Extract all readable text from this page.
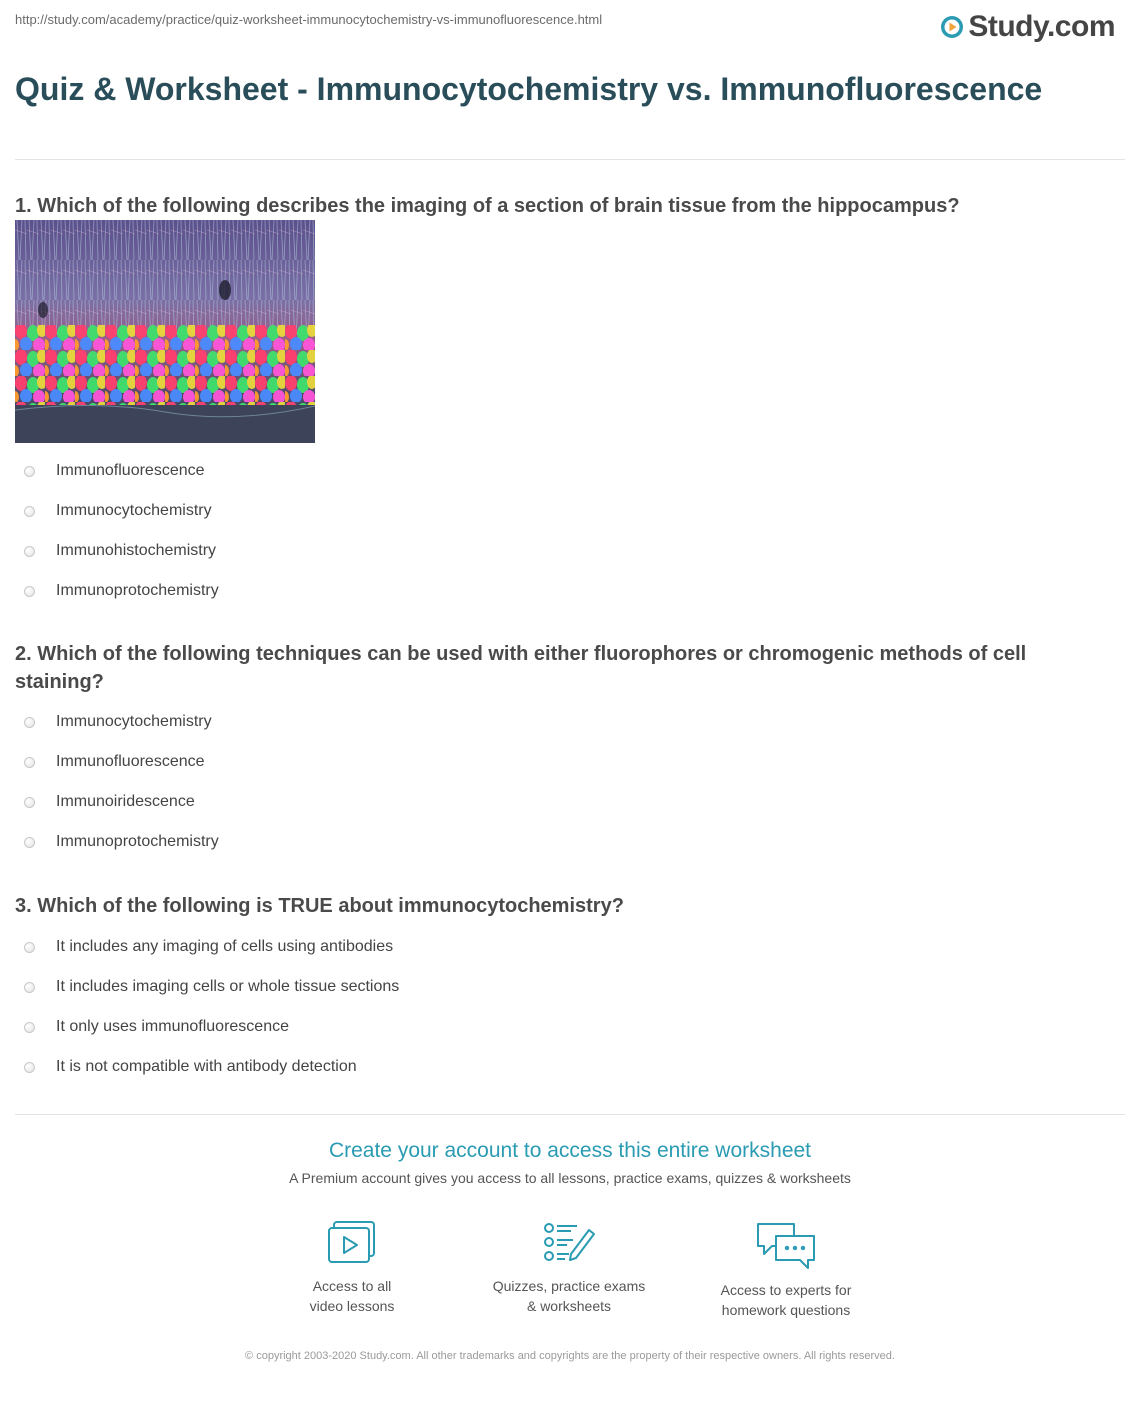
http://study.com/academy/practice/quiz-worksheet-immunocytochemistry-vs-immunofluorescence.html	Study.com
Quiz & Worksheet - Immunocytochemistry vs. Immunofluorescence

1. Which of the following describes the imaging of a section of brain tissue from the hippocampus?

Immunofluorescence
Immunocytochemistry
Immunohistochemistry
Immunoprotochemistry

2. Which of the following techniques can be used with either fluorophores or chromogenic methods of cell staining?

Immunocytochemistry
Immunofluorescence
Immunoiridescence
Immunoprotochemistry

3. Which of the following is TRUE about immunocytochemistry?

It includes any imaging of cells using antibodies
It includes imaging cells or whole tissue sections
It only uses immunofluorescence
It is not compatible with antibody detection

Create your account to access this entire worksheet

A Premium account gives you access to all lessons, practice exams, quizzes & worksheets

Access to all
video lessons
Quizzes, practice exams
& worksheets
Access to experts for
homework questions
© copyright 2003-2020 Study.com. All other trademarks and copyrights are the property of their respective owners. All rights reserved.
